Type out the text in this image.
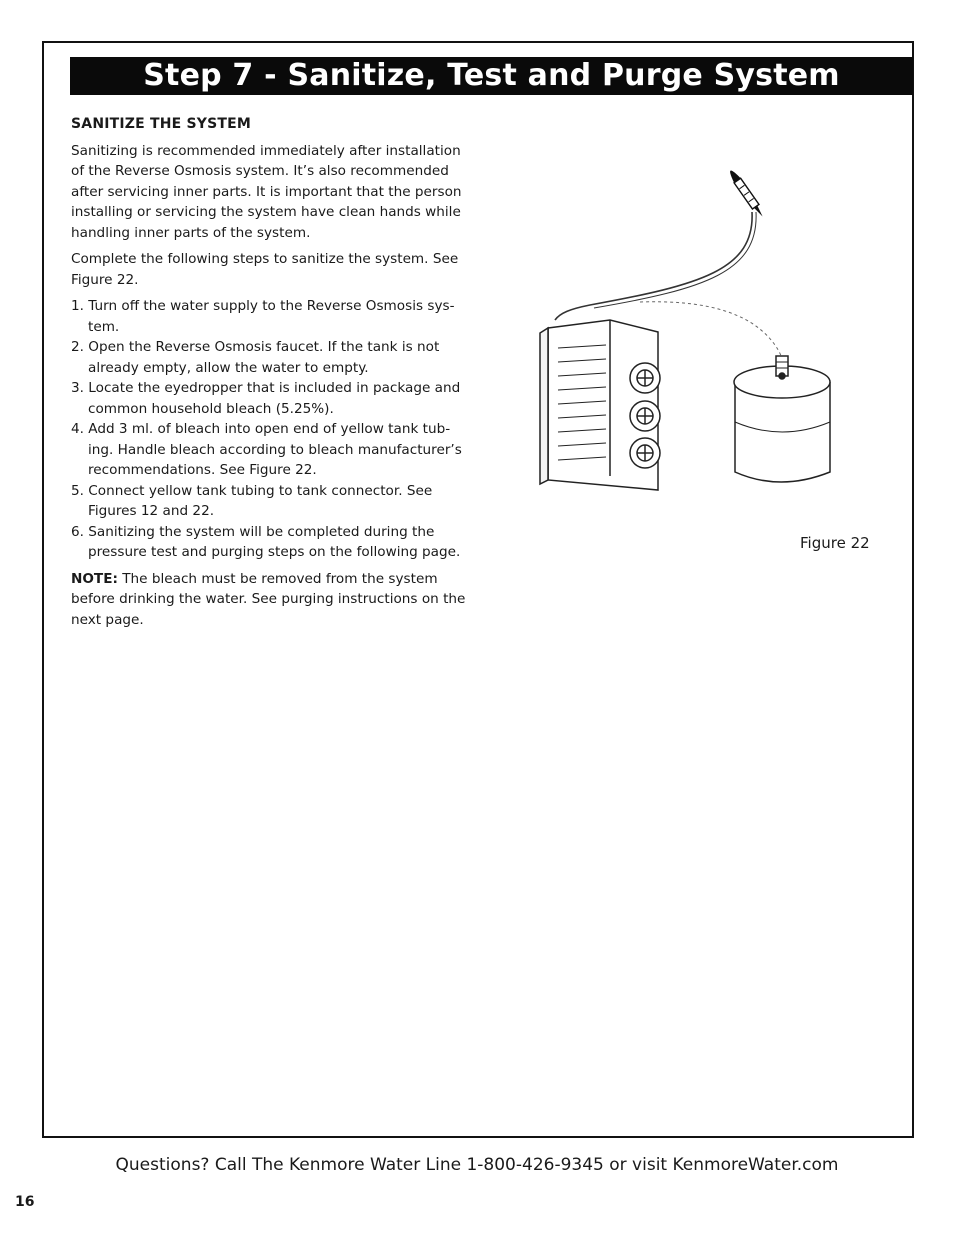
Step 7 - Sanitize, Test and Purge System
SANITIZE THE SYSTEM

Sanitizing is recommended immediately after installation of the Reverse Osmosis system. It’s also recommended after servicing inner parts. It is important that the person installing or servicing the system have clean hands while handling inner parts of the system.

Complete the following steps to sanitize the system. See Figure 22.

1. Turn off the water supply to the Reverse Osmosis sys-tem.
2. Open the Reverse Osmosis faucet. If the tank is not already empty, allow the water to empty.
3. Locate the eyedropper that is included in package and common household bleach (5.25%).
4. Add 3 ml. of bleach into open end of yellow tank tub-ing. Handle bleach according to bleach manufacturer’s recommendations. See Figure 22.
5. Connect yellow tank tubing to tank connector. See Figures 12 and 22.
6. Sanitizing the system will be completed during the pressure test and purging steps on the following page.

NOTE: The bleach must be removed from the system before drinking the water. See purging instructions on the next page.

Figure 22
Questions? Call The Kenmore Water Line 1-800-426-9345 or visit KenmoreWater.com
16
